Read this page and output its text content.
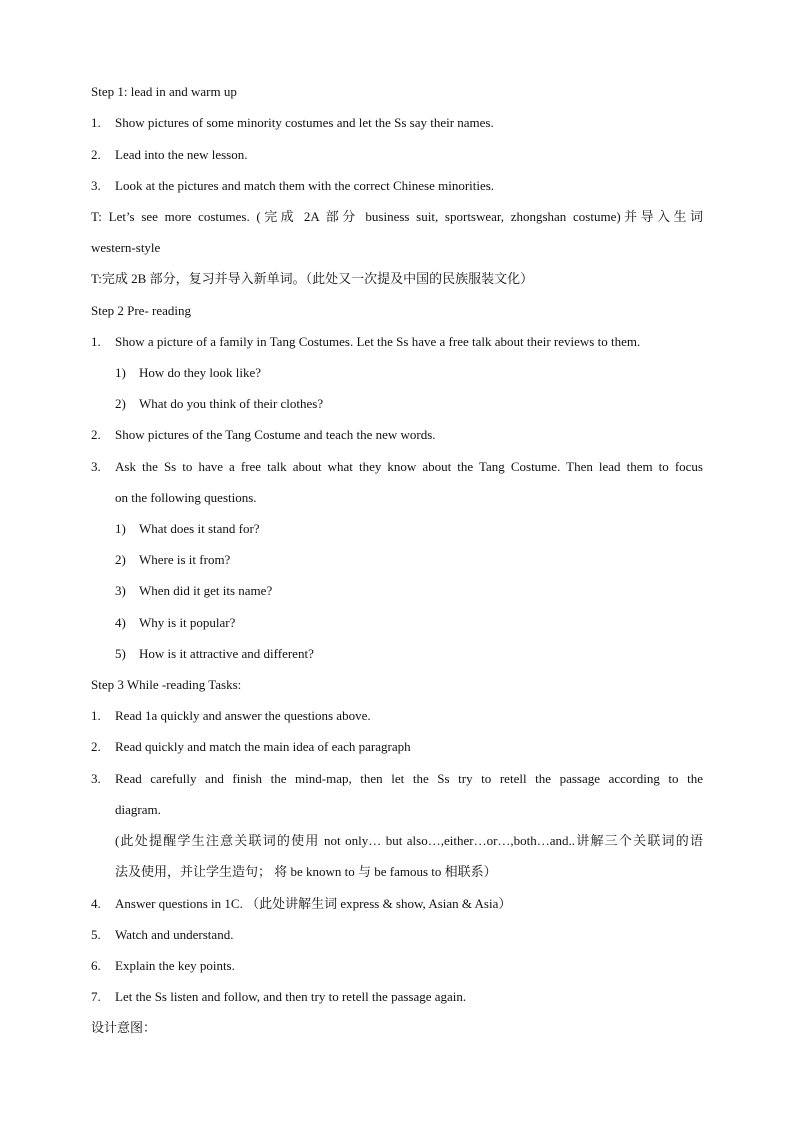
Step 1: lead in and warm up
1. Show pictures of some minority costumes and let the Ss say their names.
2. Lead into the new lesson.
3. Look at the pictures and match them with the correct Chinese minorities.
T: Let’s see more costumes. (完成 2A 部分 business suit, sportswear, zhongshan costume)并导入生词
western-style
T:完成 2B 部分，复习并导入新单词。（此处又一次提及中国的民族服装文化）
Step 2 Pre- reading
1. Show a picture of a family in Tang Costumes. Let the Ss have a free talk about their reviews to them.
1) How do they look like?
2) What do you think of their clothes?
2. Show pictures of the Tang Costume and teach the new words.
3. Ask the Ss to have a free talk about what they know about the Tang Costume. Then lead them to focus
on the following questions.
1) What does it stand for?
2) Where is it from?
3) When did it get its name?
4) Why is it popular?
5) How is it attractive and different?
Step 3 While -reading Tasks:
1. Read 1a quickly and answer the questions above.
2. Read quickly and match the main idea of each paragraph
3. Read carefully and finish the mind-map, then let the Ss try to retell the passage according to the
diagram.
(此处提醒学生注意关联词的使用 not only… but also…,either…or…,both…and..讲解三个关联词的语
法及使用，并让学生造句； 将 be known to 与 be famous to 相联系）
4. Answer questions in 1C. （此处讲解生词 express & show, Asian & Asia）
5. Watch and understand.
6. Explain the key points.
7. Let the Ss listen and follow, and then try to retell the passage again.
设计意图：
